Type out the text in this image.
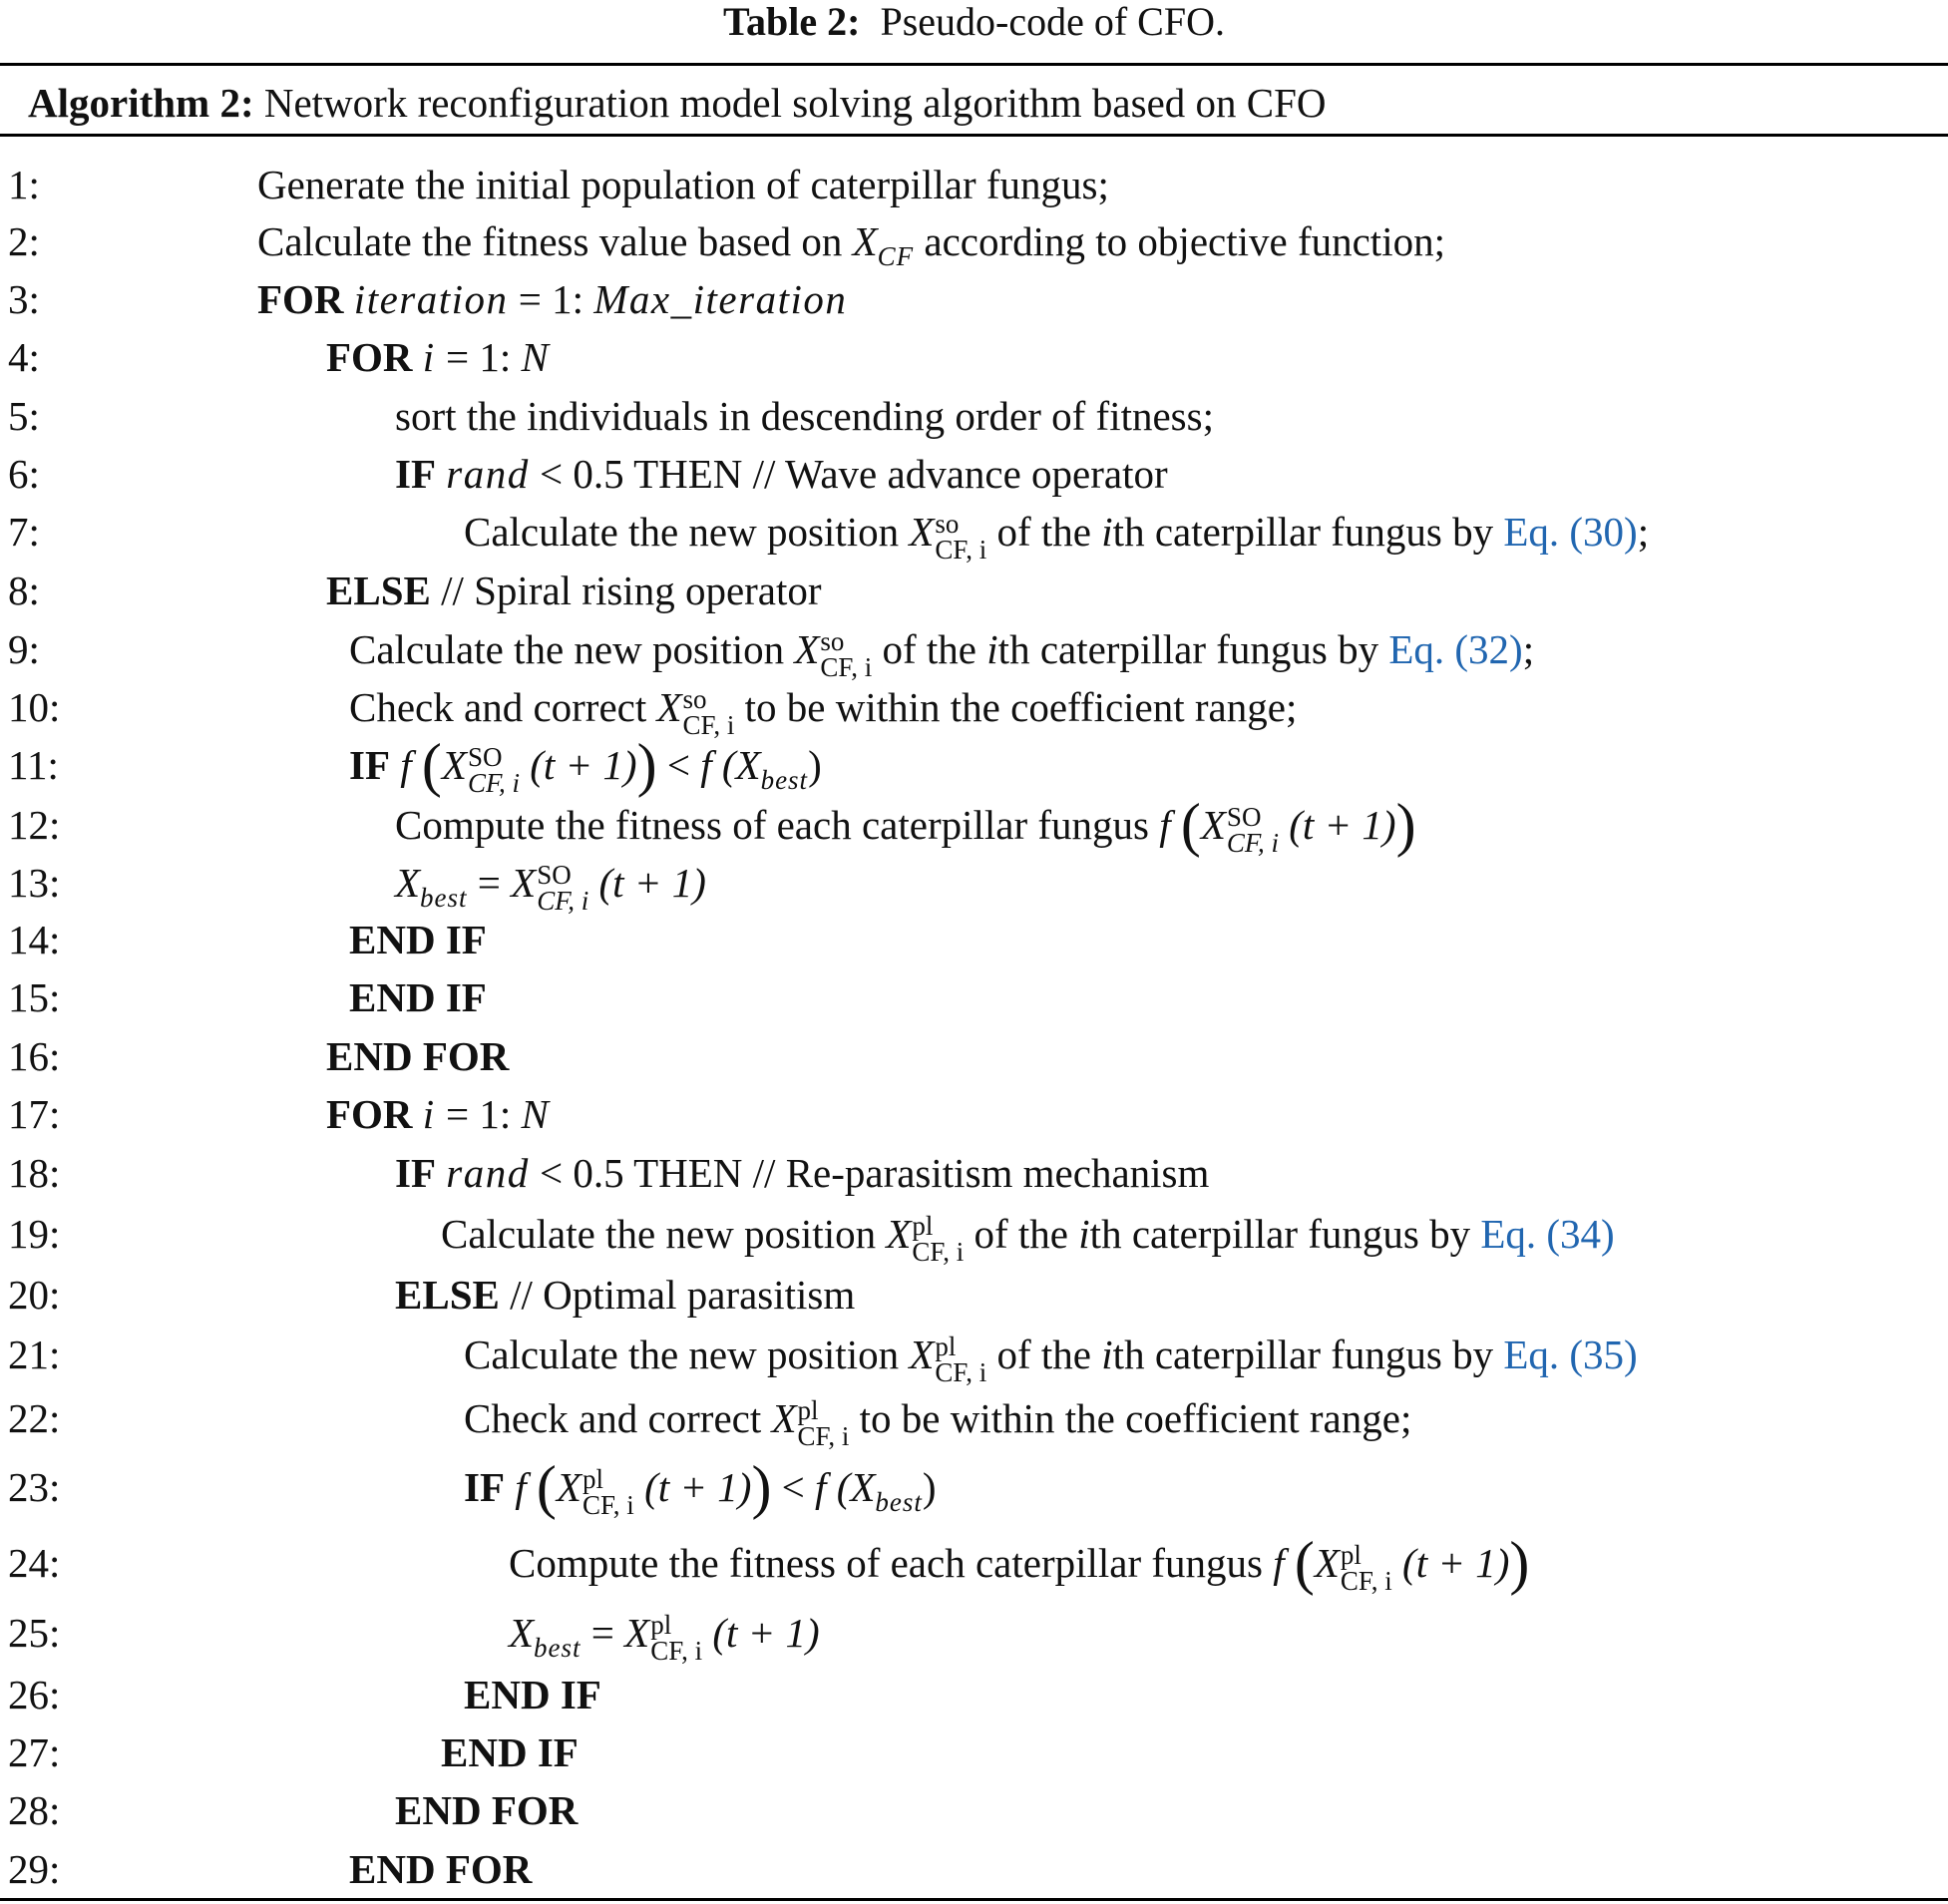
Table 2: Pseudo-code of CFO.
Algorithm 2: Network reconfiguration model solving algorithm based on CFO
1:	Generate the initial population of caterpillar fungus;
2:	Calculate the fitness value based on $X_{CF}$ according to objective function;
3:	FOR iteration = 1: Max_iteration
4:	FOR i = 1: N
5:	sort the individuals in descending order of fitness;
6:	IF rand < 0.5 THEN // Wave advance operator
7:	Calculate the new position X so
CF, i of the ith caterpillar fungus by Eq. (30);
8:	ELSE // Spiral rising operator
9:	Calculate the new position X so
CF, i of the ith caterpillar fungus by Eq. (32);
10:	Check and correct X so
CF, i to be within the coefficient range;
11:	IF f (X SO
CF, i (t + 1)) < f $(X_{best})$
12:	Compute the fitness of each caterpillar fungus f (X SO
CF, i (t + 1))
13:	$X_{best} = X$ SO
CF, i (t + 1)
14:	END IF
15:	END IF
16:	END FOR
17:	FOR i = 1: N
18:	IF rand < 0.5 THEN // Re-parasitism mechanism
19:	Calculate the new position X pl
CF, i of the ith caterpillar fungus by Eq. (34)
20:	ELSE // Optimal parasitism
21:	Calculate the new position X pl
CF, i of the ith caterpillar fungus by Eq. (35)
22:	Check and correct X pl
CF, i to be within the coefficient range;
23:	IF f (X pl
CF, i (t + 1)) < f $(X_{best})$
24:	Compute the fitness of each caterpillar fungus f (X pl
CF, i (t + 1))
25:	$X_{best} = X$ pl
CF, i (t + 1)
26:	END IF
27:	END IF
28:	END FOR
29:	END FOR
